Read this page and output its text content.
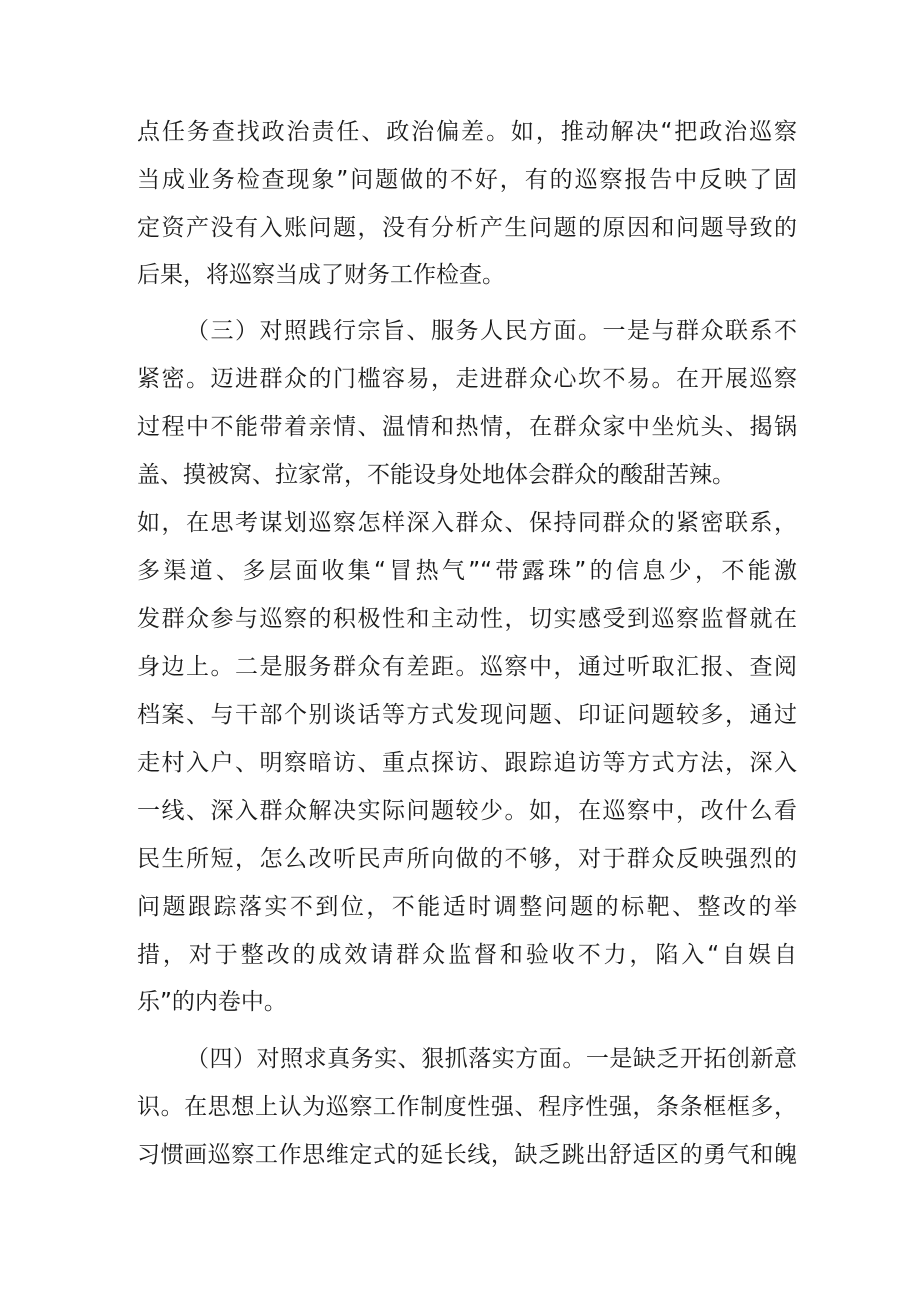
点任务查找政治责任、政治偏差。如，推动解决“把政治巡察
当成业务检查现象”问题做的不好，有的巡察报告中反映了固
定资产没有入账问题，没有分析产生问题的原因和问题导致的
后果，将巡察当成了财务工作检查。
（三）对照践行宗旨、服务人民方面。一是与群众联系不
紧密。迈进群众的门槛容易，走进群众心坎不易。在开展巡察
过程中不能带着亲情、温情和热情，在群众家中坐炕头、揭锅
盖、摸被窝、拉家常，不能设身处地体会群众的酸甜苦辣。
如，在思考谋划巡察怎样深入群众、保持同群众的紧密联系，
多渠道、多层面收集“冒热气”“带露珠”的信息少，不能激
发群众参与巡察的积极性和主动性，切实感受到巡察监督就在
身边上。二是服务群众有差距。巡察中，通过听取汇报、查阅
档案、与干部个别谈话等方式发现问题、印证问题较多，通过
走村入户、明察暗访、重点探访、跟踪追访等方式方法，深入
一线、深入群众解决实际问题较少。如，在巡察中，改什么看
民生所短，怎么改听民声所向做的不够，对于群众反映强烈的
问题跟踪落实不到位，不能适时调整问题的标靶、整改的举
措，对于整改的成效请群众监督和验收不力，陷入“自娱自
乐”的内卷中。
（四）对照求真务实、狠抓落实方面。一是缺乏开拓创新意
识。在思想上认为巡察工作制度性强、程序性强，条条框框多，
习惯画巡察工作思维定式的延长线，缺乏跳出舒适区的勇气和魄
